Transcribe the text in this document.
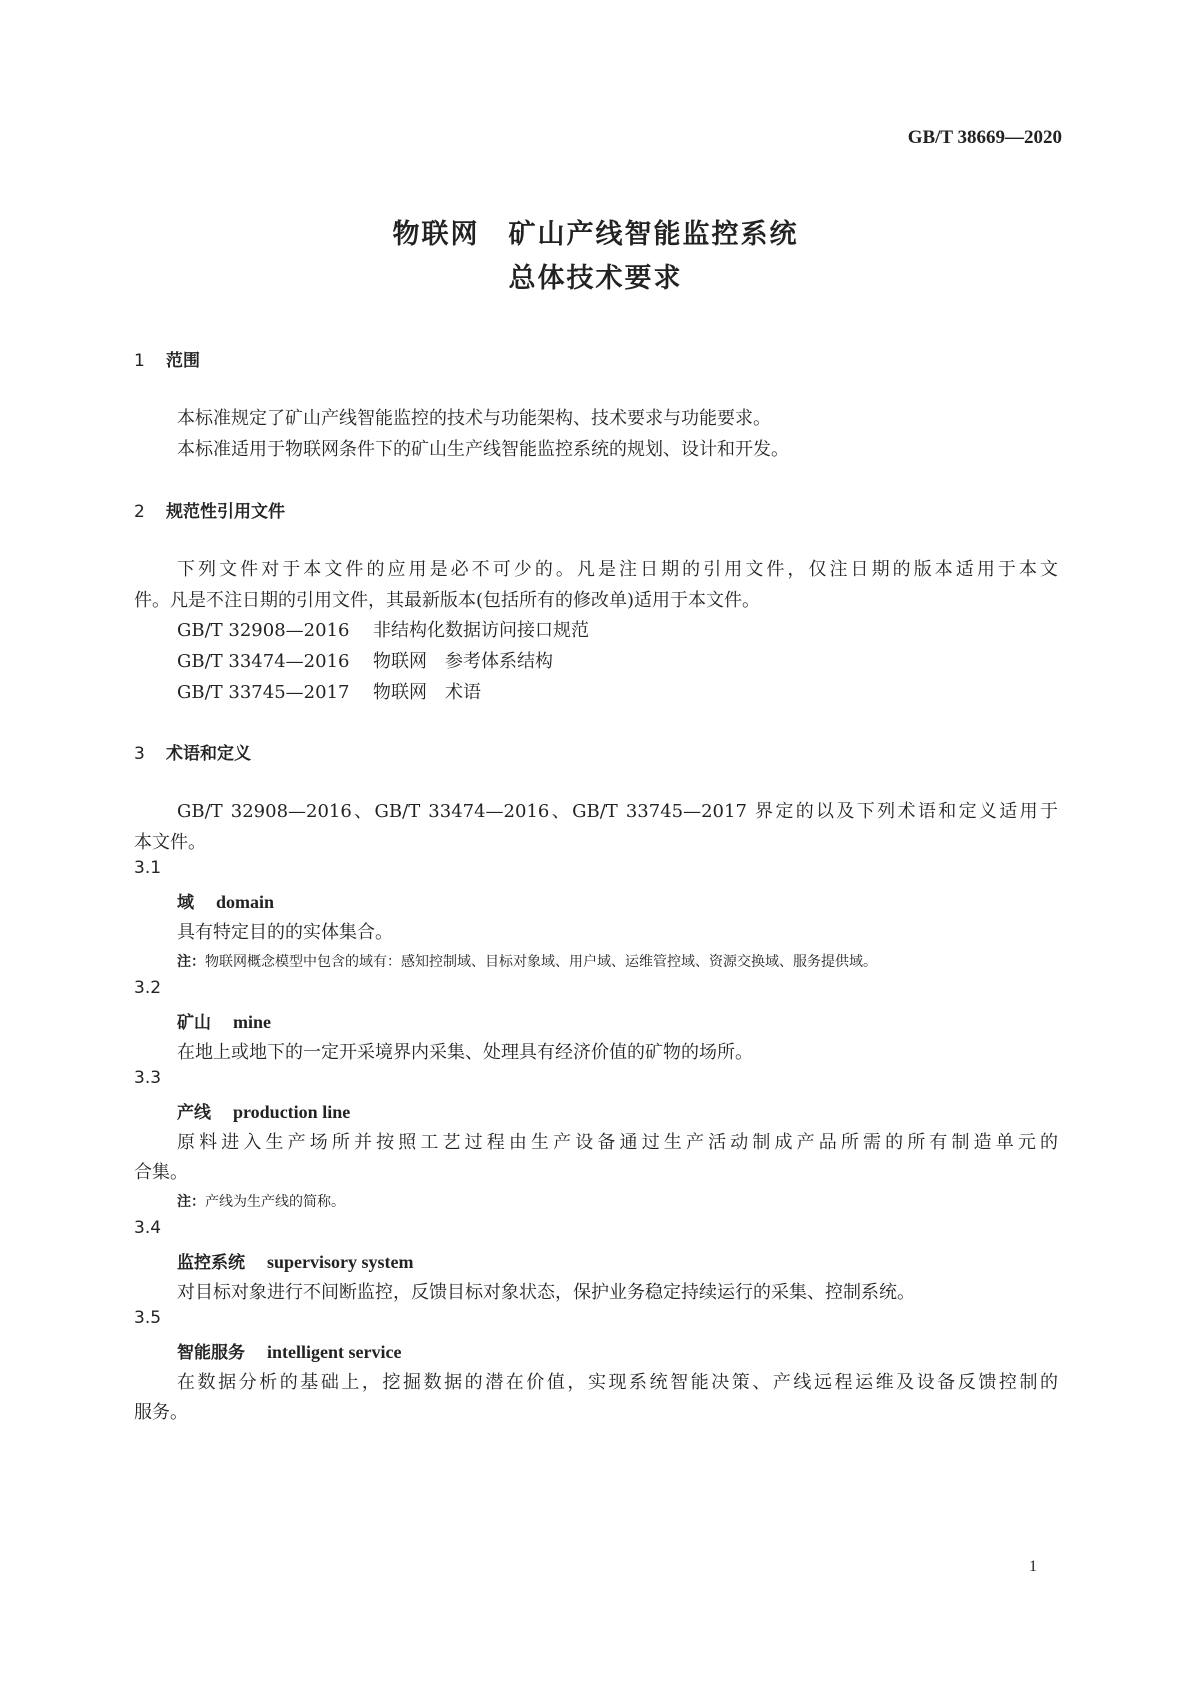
GB/T 38669—2020
物联网　矿山产线智能监控系统
总体技术要求
1 范围
本标准规定了矿山产线智能监控的技术与功能架构、技术要求与功能要求。
本标准适用于物联网条件下的矿山生产线智能监控系统的规划、设计和开发。
2 规范性引用文件
下列文件对于本文件的应用是必不可少的。凡是注日期的引用文件，仅注日期的版本适用于本文
件。凡是不注日期的引用文件，其最新版本(包括所有的修改单)适用于本文件。
GB/T 32908—2016 非结构化数据访问接口规范
GB/T 33474—2016 物联网　参考体系结构
GB/T 33745—2017 物联网　术语
3 术语和定义
GB/T 32908—2016、GB/T 33474—2016、GB/T 33745—2017 界定的以及下列术语和定义适用于
本文件。
3.1
域 domain
具有特定目的的实体集合。
注：物联网概念模型中包含的域有：感知控制域、目标对象域、用户域、运维管控域、资源交换域、服务提供域。
3.2
矿山 mine
在地上或地下的一定开采境界内采集、处理具有经济价值的矿物的场所。
3.3
产线 production line
原料进入生产场所并按照工艺过程由生产设备通过生产活动制成产品所需的所有制造单元的
合集。
注：产线为生产线的简称。
3.4
监控系统 supervisory system
对目标对象进行不间断监控，反馈目标对象状态，保护业务稳定持续运行的采集、控制系统。
3.5
智能服务 intelligent service
在数据分析的基础上，挖掘数据的潜在价值，实现系统智能决策、产线远程运维及设备反馈控制的
服务。
1
